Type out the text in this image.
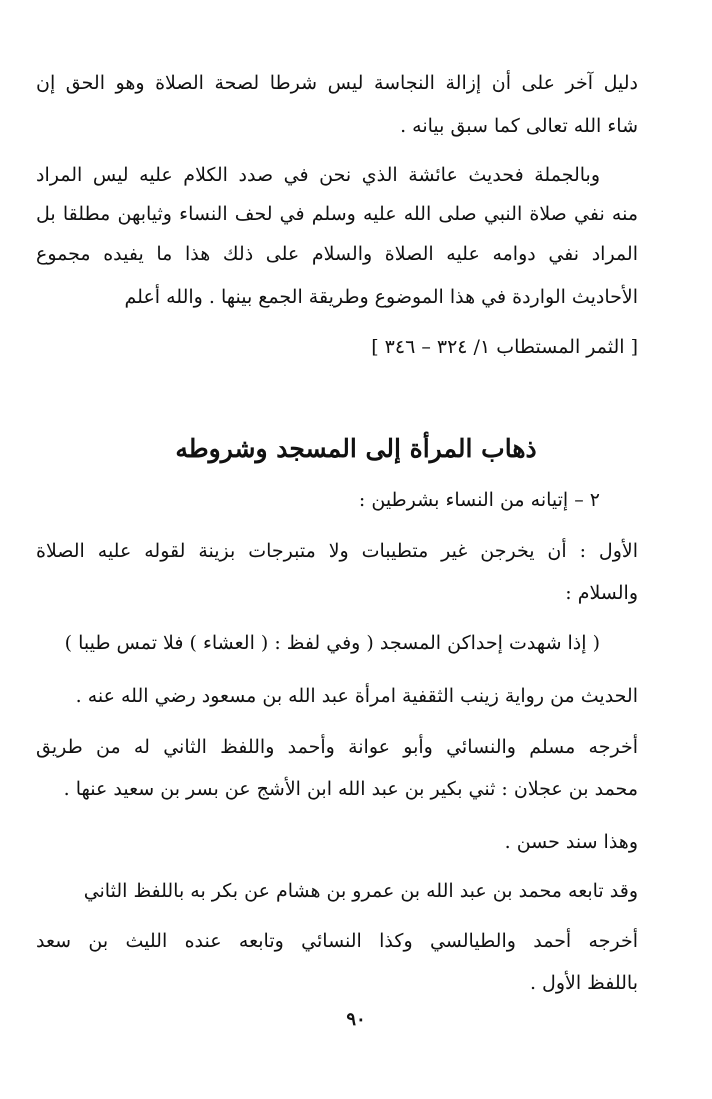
دليل آخر على أن إزالة النجاسة ليس شرطا لصحة الصلاة وهو الحق إن
شاء الله تعالى كما سبق بيانه .
وبالجملة فحديث عائشة الذي نحن في صدد الكلام عليه ليس المراد
منه نفي صلاة النبي صلى الله عليه وسلم في لحف النساء وثيابهن مطلقا بل
المراد نفي دوامه عليه الصلاة والسلام على ذلك هذا ما يفيده مجموع
الأحاديث الواردة في هذا الموضوع وطريقة الجمع بينها . والله أعلم
[ الثمر المستطاب ١/ ٣٢٤ – ٣٤٦ ]
ذهاب المرأة إلى المسجد وشروطه
٢ – إتيانه من النساء بشرطين :
الأول : أن يخرجن غير متطيبات ولا متبرجات بزينة لقوله عليه الصلاة
والسلام :
( إذا شهدت إحداكن المسجد ( وفي لفظ : ( العشاء ) فلا تمس طيبا )
الحديث من رواية زينب الثقفية امرأة عبد الله بن مسعود رضي الله عنه .
أخرجه مسلم والنسائي وأبو عوانة وأحمد واللفظ الثاني له من طريق
محمد بن عجلان : ثني بكير بن عبد الله ابن الأشج عن بسر بن سعيد عنها .
وهذا سند حسن .
وقد تابعه محمد بن عبد الله بن عمرو بن هشام عن بكر به باللفظ الثاني
أخرجه أحمد والطيالسي وكذا النسائي وتابعه عنده الليث بن سعد
باللفظ الأول .
٩٠
